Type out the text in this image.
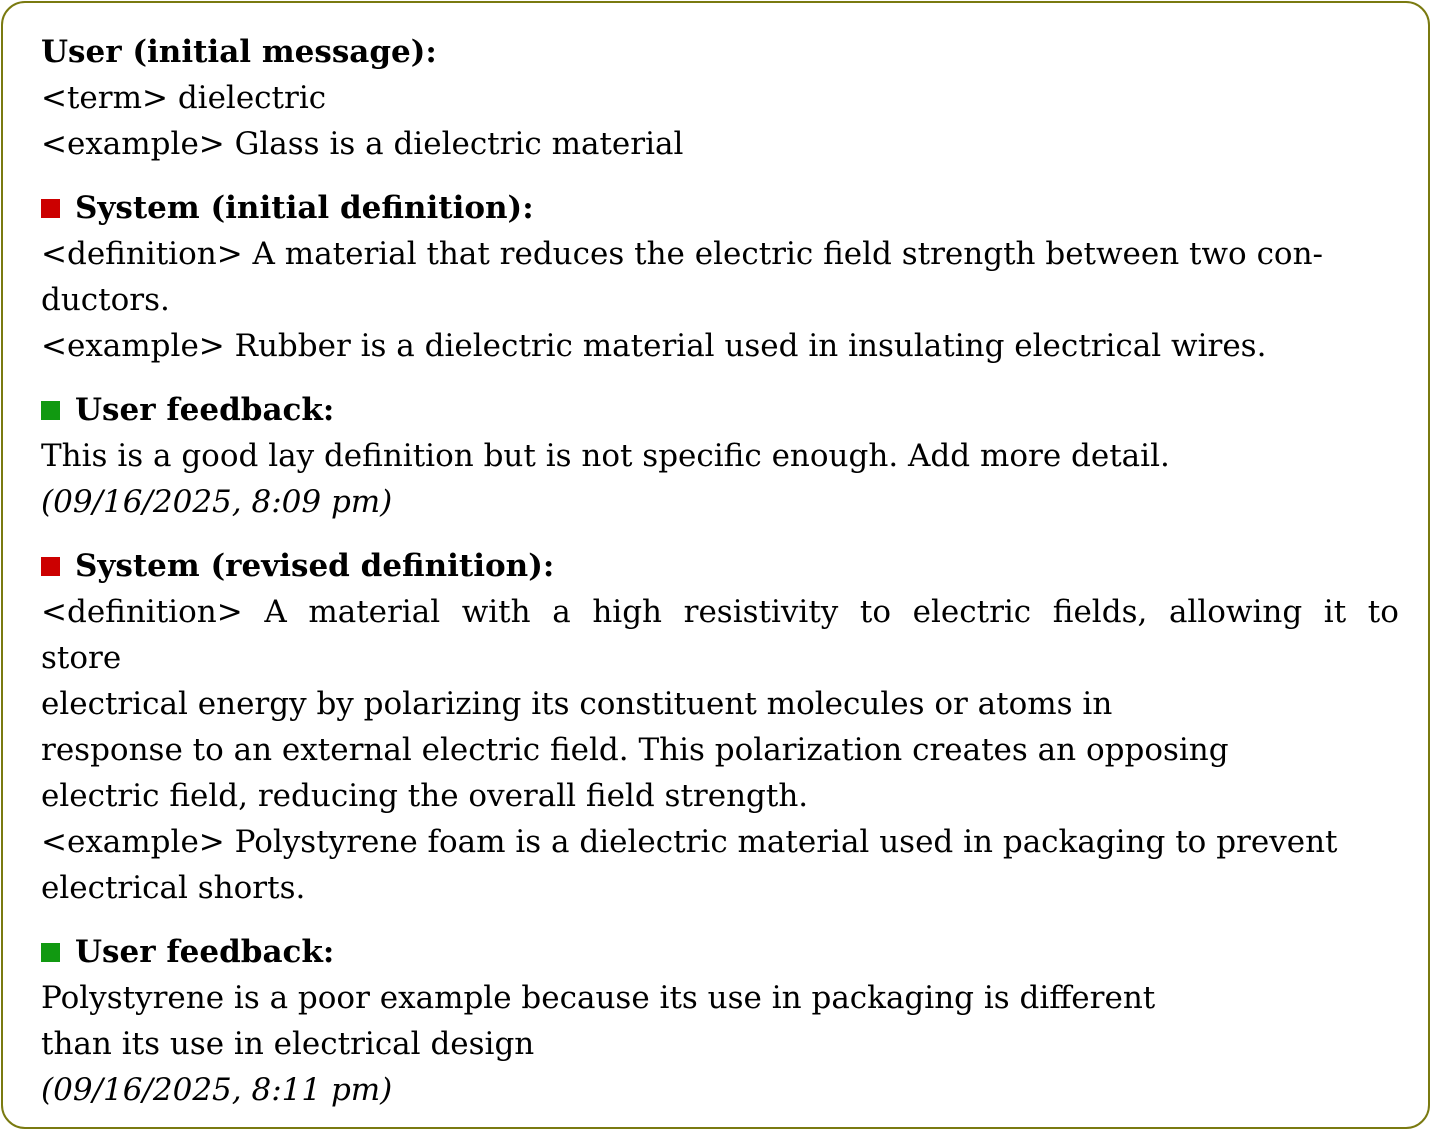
User (initial message):
<term> dielectric
<example> Glass is a dielectric material
System (initial definition):
<definition> A material that reduces the electric field strength between two con-
ductors.
<example> Rubber is a dielectric material used in insulating electrical wires.
User feedback:
This is a good lay definition but is not specific enough. Add more detail.
(09/16/2025, 8:09 pm)
System (revised definition):
<definition> A material with a high resistivity to electric fields, allowing it to
store
electrical energy by polarizing its constituent molecules or atoms in
response to an external electric field. This polarization creates an opposing
electric field, reducing the overall field strength.
<example> Polystyrene foam is a dielectric material used in packaging to prevent
electrical shorts.
User feedback:
Polystyrene is a poor example because its use in packaging is different
than its use in electrical design
(09/16/2025, 8:11 pm)
